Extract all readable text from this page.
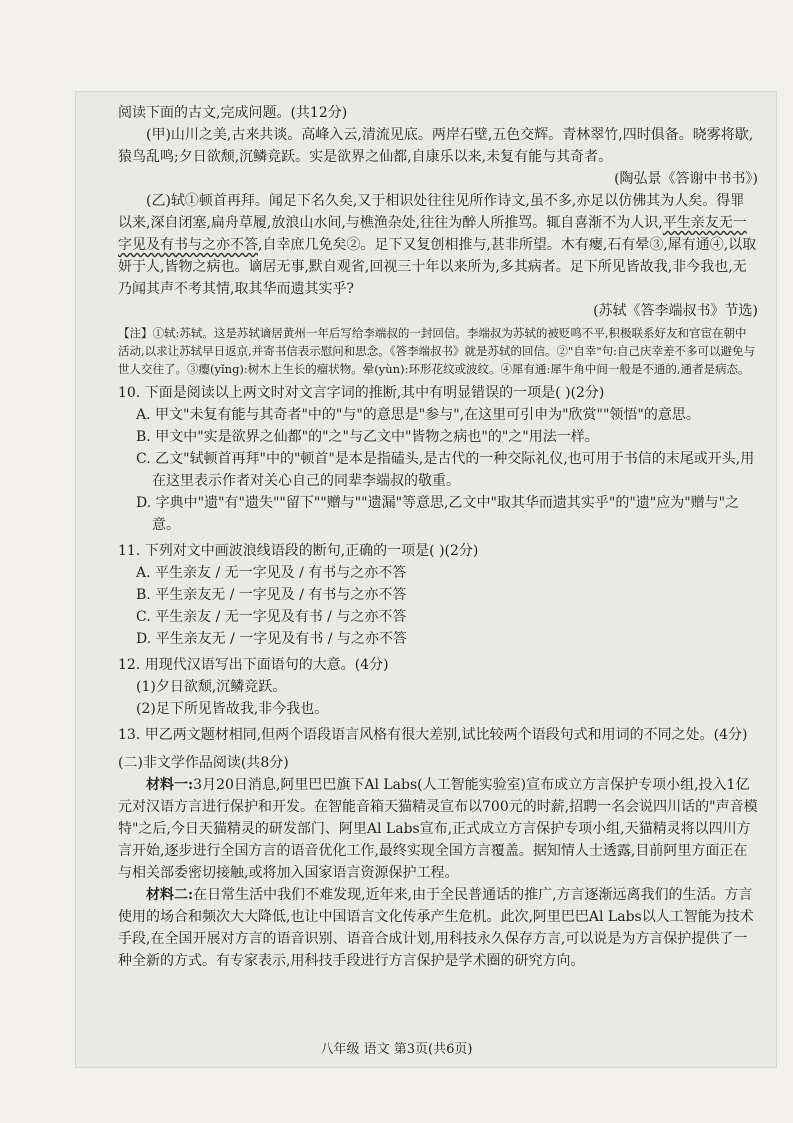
阅读下面的古文,完成问题。(共12分)

(甲)山川之美,古来共谈。高峰入云,清流见底。两岸石壁,五色交辉。青林翠竹,四时俱备。晓雾将歇,猿鸟乱鸣;夕日欲颓,沉鳞竞跃。实是欲界之仙都,自康乐以来,未复有能与其奇者。

(陶弘景《答谢中书书》)

(乙)轼①顿首再拜。闻足下名久矣,又于相识处往往见所作诗文,虽不多,亦足以仿佛其为人矣。得罪以来,深自闭塞,扁舟草履,放浪山水间,与樵渔杂处,往往为醉人所推骂。辄自喜渐不为人识,平生亲友无一字见及有书与之亦不答,自幸庶几免矣②。足下又复创相推与,甚非所望。木有瘿,石有晕③,犀有通④,以取妍于人,皆物之病也。谪居无事,默自观省,回视三十年以来所为,多其病者。足下所见皆故我,非今我也,无乃闻其声不考其情,取其华而遗其实乎?

(苏轼《答李端叔书》节选)

【注】①轼:苏轼。这是苏轼谪居黄州一年后写给李端叔的一封回信。李端叔为苏轼的被贬鸣不平,积极联系好友和官宦在朝中活动,以求让苏轼早日返京,并寄书信表示慰问和思念。《答李端叔书》就是苏轼的回信。②"自幸"句:自己庆幸差不多可以避免与世人交往了。③瘿(yǐng):树木上生长的瘤状物。晕(yùn):环形花纹或波纹。④犀有通:犀牛角中间一般是不通的,通者是病态。

10. 下面是阅读以上两文时对文言字词的推断,其中有明显错误的一项是( )(2分)

A. 甲文"未复有能与其奇者"中的"与"的意思是"参与",在这里可引申为"欣赏""领悟"的意思。

B. 甲文中"实是欲界之仙都"的"之"与乙文中"皆物之病也"的"之"用法一样。

C. 乙文"轼顿首再拜"中的"顿首"是本是指磕头,是古代的一种交际礼仪,也可用于书信的末尾或开头,用在这里表示作者对关心自己的同辈李端叔的敬重。

D. 字典中"遗"有"遗失""留下""赠与""遗漏"等意思,乙文中"取其华而遗其实乎"的"遗"应为"赠与"之意。

11. 下列对文中画波浪线语段的断句,正确的一项是( )(2分)

A. 平生亲友 / 无一字见及 / 有书与之亦不答

B. 平生亲友无 / 一字见及 / 有书与之亦不答

C. 平生亲友 / 无一字见及有书 / 与之亦不答

D. 平生亲友无 / 一字见及有书 / 与之亦不答

12. 用现代汉语写出下面语句的大意。(4分)

(1)夕日欲颓,沉鳞竞跃。

(2)足下所见皆故我,非今我也。

13. 甲乙两文题材相同,但两个语段语言风格有很大差别,试比较两个语段句式和用词的不同之处。(4分)

(二)非文学作品阅读(共8分)

材料一:3月20日消息,阿里巴巴旗下Al Labs(人工智能实验室)宣布成立方言保护专项小组,投入1亿元对汉语方言进行保护和开发。在智能音箱天猫精灵宣布以700元的时薪,招聘一名会说四川话的"声音模特"之后,今日天猫精灵的研发部门、阿里Al Labs宣布,正式成立方言保护专项小组,天猫精灵将以四川方言开始,逐步进行全国方言的语音优化工作,最终实现全国方言覆盖。据知情人士透露,目前阿里方面正在与相关部委密切接触,或将加入国家语言资源保护工程。

材料二:在日常生活中我们不难发现,近年来,由于全民普通话的推广,方言逐渐远离我们的生活。方言使用的场合和频次大大降低,也让中国语言文化传承产生危机。此次,阿里巴巴Al Labs以人工智能为技术手段,在全国开展对方言的语音识别、语音合成计划,用科技永久保存方言,可以说是为方言保护提供了一种全新的方式。有专家表示,用科技手段进行方言保护是学术圈的研究方向。

八年级 语文 第3页(共6页)
